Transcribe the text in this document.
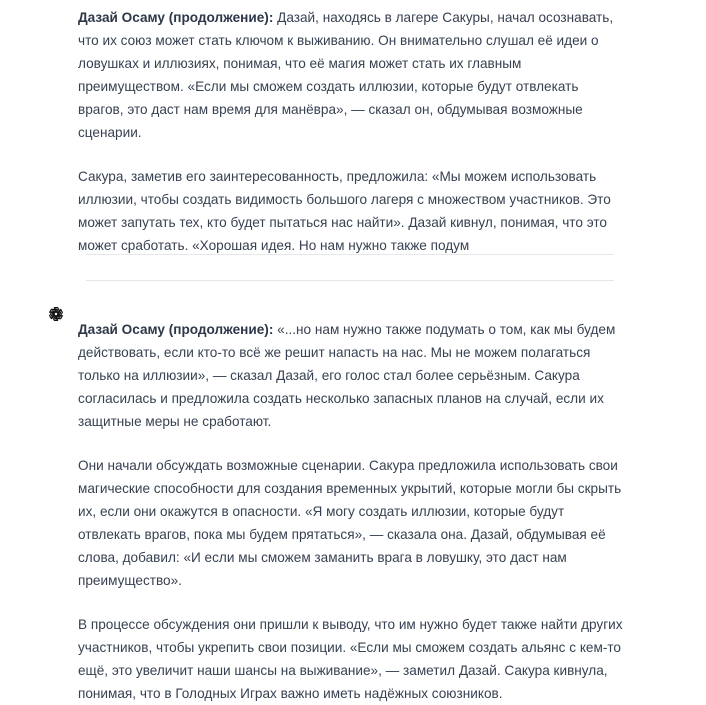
Дазай Осаму (продолжение): Дазай, находясь в лагере Сакуры, начал осознавать, что их союз может стать ключом к выживанию. Он внимательно слушал её идеи о ловушках и иллюзиях, понимая, что её магия может стать их главным преимуществом. «Если мы сможем создать иллюзии, которые будут отвлекать врагов, это даст нам время для манёвра», — сказал он, обдумывая возможные сценарии.

Сакура, заметив его заинтересованность, предложила: «Мы можем использовать иллюзии, чтобы создать видимость большого лагеря с множеством участников. Это может запутать тех, кто будет пытаться нас найти». Дазай кивнул, понимая, что это может сработать. «Хорошая идея. Но нам нужно также подум

Дазай Осаму (продолжение): «...но нам нужно также подумать о том, как мы будем действовать, если кто-то всё же решит напасть на нас. Мы не можем полагаться только на иллюзии», — сказал Дазай, его голос стал более серьёзным. Сакура согласилась и предложила создать несколько запасных планов на случай, если их защитные меры не сработают.

Они начали обсуждать возможные сценарии. Сакура предложила использовать свои магические способности для создания временных укрытий, которые могли бы скрыть их, если они окажутся в опасности. «Я могу создать иллюзии, которые будут отвлекать врагов, пока мы будем прятаться», — сказала она. Дазай, обдумывая её слова, добавил: «И если мы сможем заманить врага в ловушку, это даст нам преимущество».

В процессе обсуждения они пришли к выводу, что им нужно будет также найти других участников, чтобы укрепить свои позиции. «Если мы сможем создать альянс с кем-то ещё, это увеличит наши шансы на выживание», — заметил Дазай. Сакура кивнула, понимая, что в Голодных Играх важно иметь надёжных союзников.
